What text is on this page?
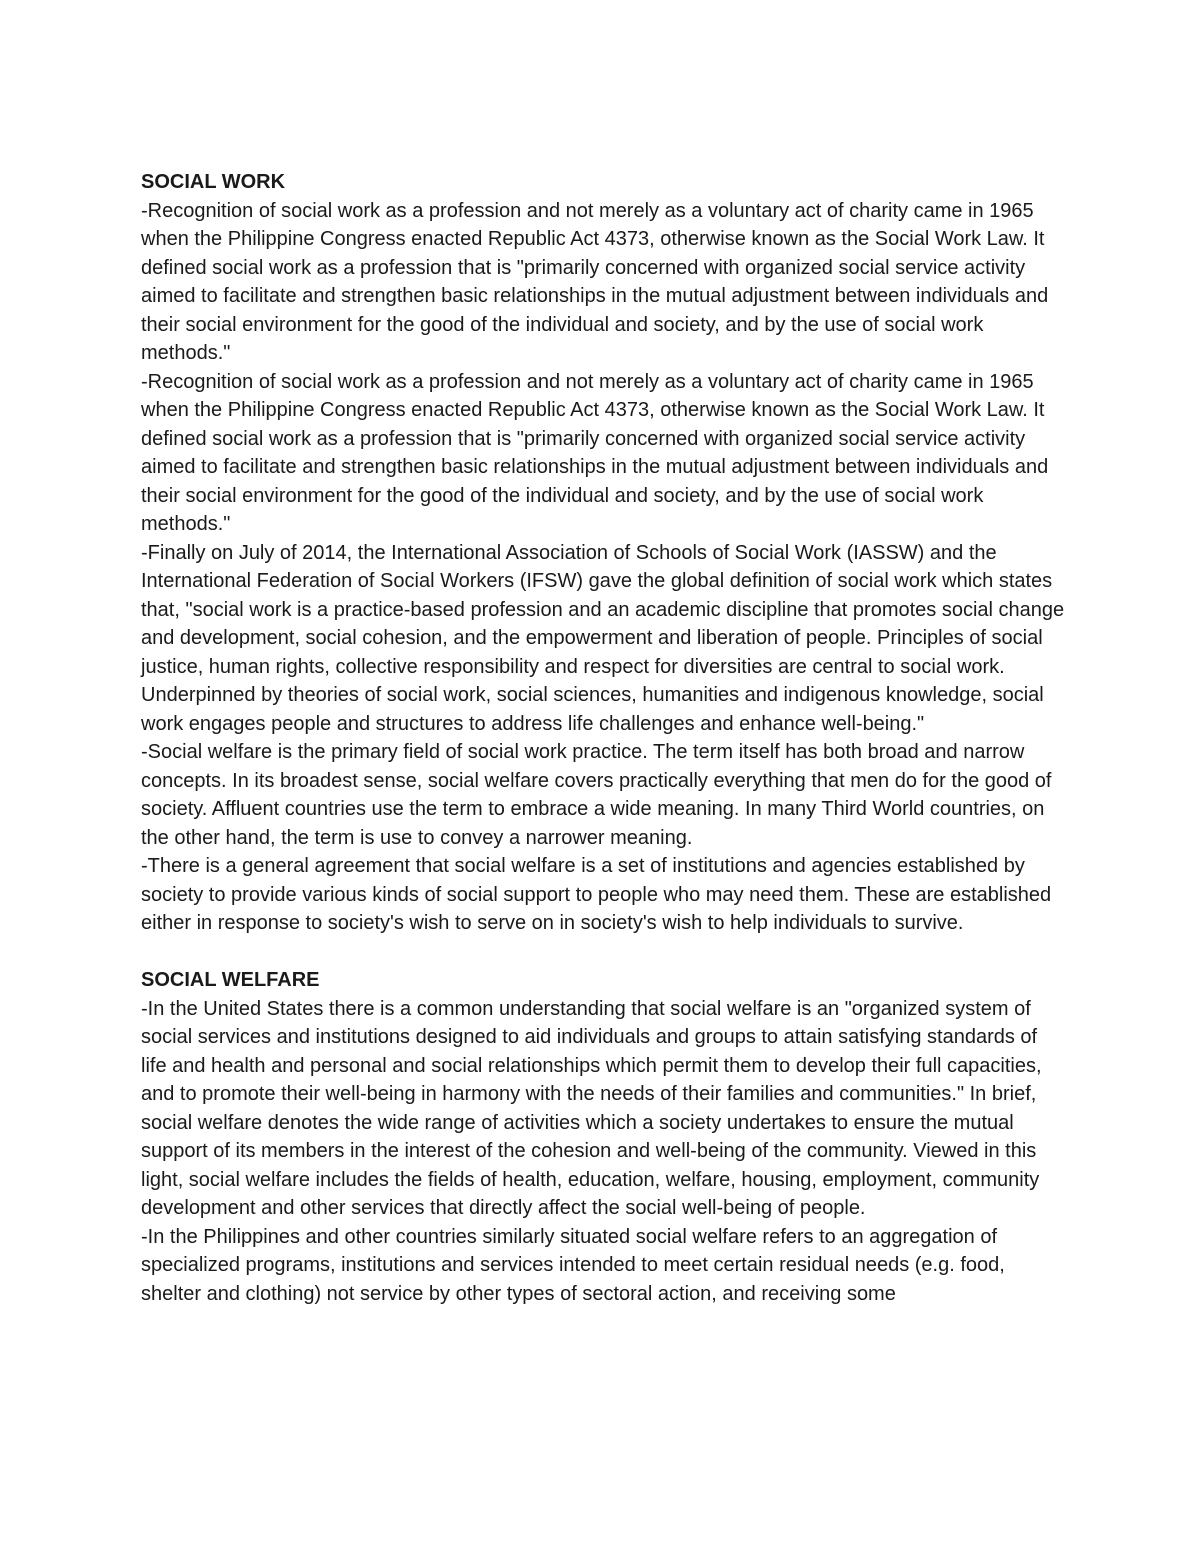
SOCIAL WORK

-Recognition of social work as a profession and not merely as a voluntary act of charity came in 1965 when the Philippine Congress enacted Republic Act 4373, otherwise known as the Social Work Law. It defined social work as a profession that is "primarily concerned with organized social service activity aimed to facilitate and strengthen basic relationships in the mutual adjustment between individuals and their social environment for the good of the individual and society, and by the use of social work methods."

-Recognition of social work as a profession and not merely as a voluntary act of charity came in 1965 when the Philippine Congress enacted Republic Act 4373, otherwise known as the Social Work Law. It defined social work as a profession that is "primarily concerned with organized social service activity aimed to facilitate and strengthen basic relationships in the mutual adjustment between individuals and their social environment for the good of the individual and society, and by the use of social work methods."

-Finally on July of 2014, the International Association of Schools of Social Work (IASSW) and the International Federation of Social Workers (IFSW) gave the global definition of social work which states that, "social work is a practice-based profession and an academic discipline that promotes social change and development, social cohesion, and the empowerment and liberation of people. Principles of social justice, human rights, collective responsibility and respect for diversities are central to social work. Underpinned by theories of social work, social sciences, humanities and indigenous knowledge, social work engages people and structures to address life challenges and enhance well-being."

-Social welfare is the primary field of social work practice. The term itself has both broad and narrow concepts. In its broadest sense, social welfare covers practically everything that men do for the good of society. Affluent countries use the term to embrace a wide meaning. In many Third World countries, on the other hand, the term is use to convey a narrower meaning.

-There is a general agreement that social welfare is a set of institutions and agencies established by society to provide various kinds of social support to people who may need them. These are established either in response to society's wish to serve on in society's wish to help individuals to survive.

SOCIAL WELFARE

-In the United States there is a common understanding that social welfare is an "organized system of social services and institutions designed to aid individuals and groups to attain satisfying standards of life and health and personal and social relationships which permit them to develop their full capacities, and to promote their well-being in harmony with the needs of their families and communities." In brief, social welfare denotes the wide range of activities which a society undertakes to ensure the mutual support of its members in the interest of the cohesion and well-being of the community. Viewed in this light, social welfare includes the fields of health, education, welfare, housing, employment, community development and other services that directly affect the social well-being of people.

-In the Philippines and other countries similarly situated social welfare refers to an aggregation of specialized programs, institutions and services intended to meet certain residual needs (e.g. food, shelter and clothing) not service by other types of sectoral action, and receiving some
